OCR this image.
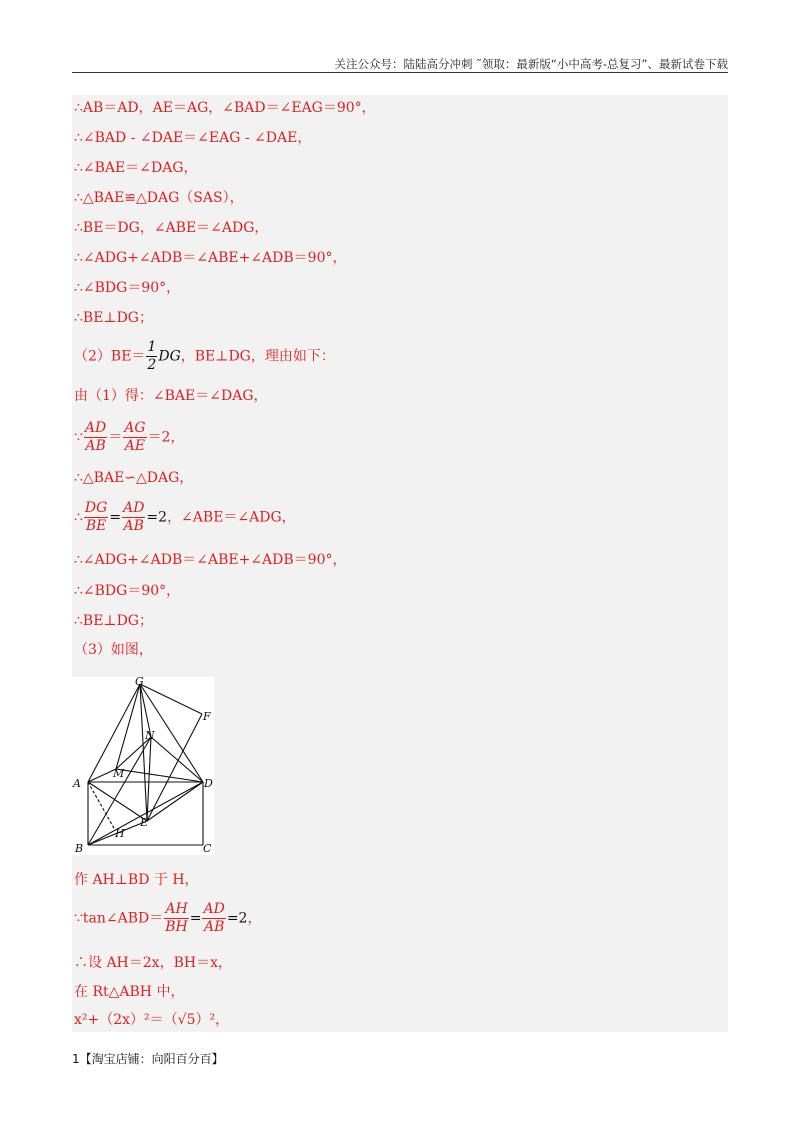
关注公众号：陆陆高分冲刺 ˜领取：最新版“小中高考-总复习”、最新试卷下载
∴AB＝AD，AE＝AG，∠BAD＝∠EAG＝90°，
∴∠BAD - ∠DAE＝∠EAG - ∠DAE，
∴∠BAE＝∠DAG，
∴△BAE≌△DAG（SAS），
∴BE＝DG，∠ABE＝∠ADG，
∴∠ADG+∠ADB＝∠ABE+∠ADB＝90°，
∴∠BDG＝90°，
∴BE⊥DG；
$(2)BE= \frac{1}{2}$ DG，BE⊥DG，理由如下：
由（1）得：∠BAE＝∠DAG，
∵ $\frac{AD}{AB} = \frac{AG}{AE} =2$，
∴△BAE∽△DAG，
∴ $\frac{DG}{BE} = \frac{AD}{AB} =2$，∠ABE＝∠ADG，
∴∠ADG+∠ADB＝∠ABE+∠ADB＝90°，
∴∠BDG＝90°，
∴BE⊥DG；
（3）如图，
作 AH⊥BD 于 H，
∵tan∠ABD＝ $\frac{AH}{BH} = \frac{AD}{AB} =2$，
∴设 AH＝2x，BH＝x，
在 Rt△ABH 中，
x²+（2x）²＝（√5）²，
G
F
N
M
A	D
E
H
B	C
1【淘宝店铺：向阳百分百】
